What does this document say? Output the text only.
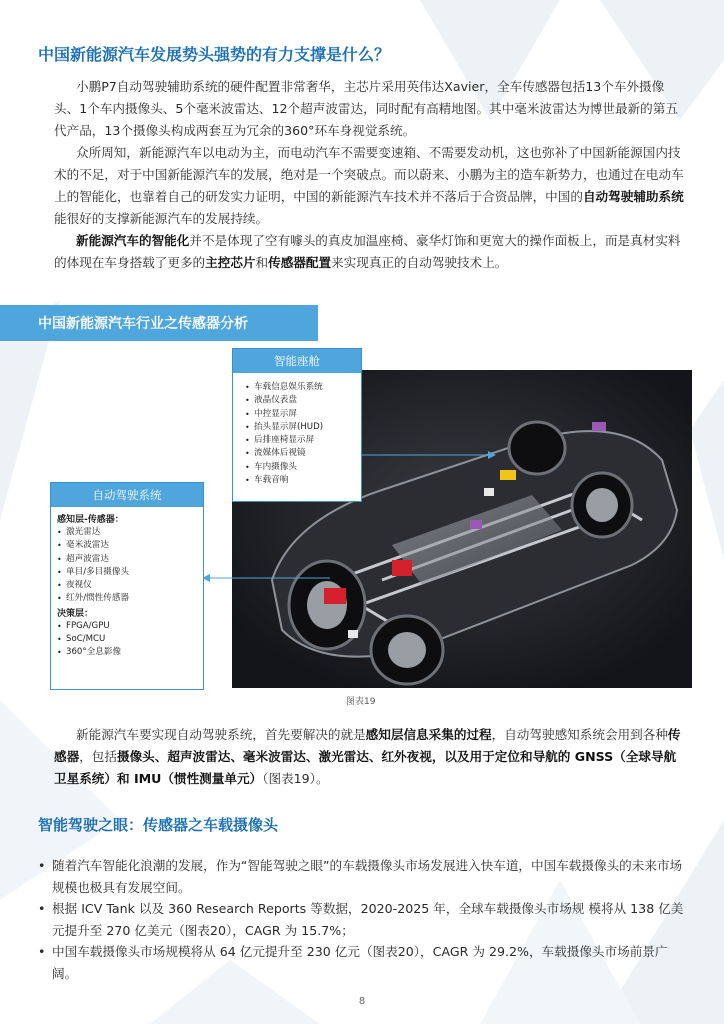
中国新能源汽车发展势头强势的有力支撑是什么？

小鹏P7自动驾驶辅助系统的硬件配置非常奢华，主芯片采用英伟达Xavier，全车传感器包括13个车外摄像头、1个车内摄像头、5个毫米波雷达、12个超声波雷达，同时配有高精地图。其中毫米波雷达为博世最新的第五代产品，13个摄像头构成两套互为冗余的360°环车身视觉系统。

众所周知，新能源汽车以电动为主，而电动汽车不需要变速箱、不需要发动机，这也弥补了中国新能源国内技术的不足，对于中国新能源汽车的发展，绝对是一个突破点。而以蔚来、小鹏为主的造车新势力，也通过在电动车上的智能化，也靠着自己的研发实力证明，中国的新能源汽车技术并不落后于合资品牌，中国的自动驾驶辅助系统能很好的支撑新能源汽车的发展持续。

新能源汽车的智能化并不是体现了空有噱头的真皮加温座椅、豪华灯饰和更宽大的操作面板上，而是真材实料的体现在车身搭载了更多的主控芯片和传感器配置来实现真正的自动驾驶技术上。

中国新能源汽车行业之传感器分析
智能座舱
• 车载信息娱乐系统
• 液晶仪表盘
• 中控显示屏
• 抬头显示屏(HUD)
• 后排座椅显示屏
• 流媒体后视镜
• 车内摄像头
• 车载音响
自动驾驶系统
感知层-传感器：
• 激光雷达
• 毫米波雷达
• 超声波雷达
• 单目/多目摄像头
• 夜视仪
• 红外/惯性传感器
决策层：
• FPGA/GPU
• SoC/MCU
• 360°全息影像
图表19

新能源汽车要实现自动驾驶系统，首先要解决的就是感知层信息采集的过程，自动驾驶感知系统会用到各种传感器，包括摄像头、超声波雷达、毫米波雷达、激光雷达、红外夜视，以及用于定位和导航的 GNSS（全球导航卫星系统）和 IMU（惯性测量单元）（图表19）。

智能驾驶之眼：传感器之车载摄像头
• 随着汽车智能化浪潮的发展，作为“智能驾驶之眼”的车载摄像头市场发展进入快车道，中国车载摄像头的未来市场规模也极具有发展空间。
• 根据 ICV Tank 以及 360 Research Reports 等数据，2020-2025 年，全球车载摄像头市场规 模将从 138 亿美元提升至 270 亿美元（图表20），CAGR 为 15.7%；
• 中国车载摄像头市场规模将从 64 亿元提升至 230 亿元（图表20），CAGR 为 29.2%，车载摄像头市场前景广阔。
8
